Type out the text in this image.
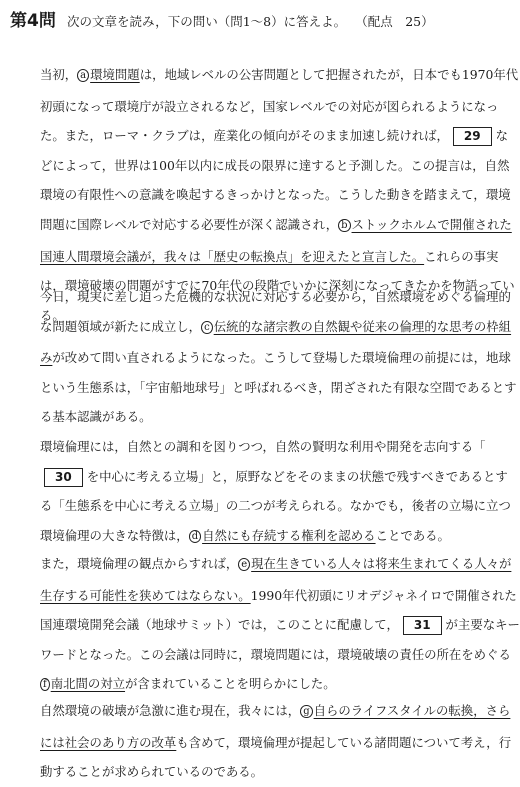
第4問 次の文章を読み，下の問い（問1〜8）に答えよ。 （配点　25）
当初， a 環境問題は，地域レベルの公害問題として把握されたが，日本でも1970年代初頭になって環境庁が設立されるなど，国家レベルでの対応が図られるようになった。また，ローマ・クラブは，産業化の傾向がそのまま加速し続ければ， 29 などによって，世界は100年以内に成長の限界に達すると予測した。この提言は，自然環境の有限性への意識を喚起するきっかけとなった。こうした動きを踏まえて，環境問題に国際レベルで対応する必要性が深く認識され， b ストックホルムで開催された国連人間環境会議が，我々は「歴史の転換点」を迎えたと宣言した。これらの事実は，環境破壊の問題がすでに70年代の段階でいかに深刻になってきたかを物語っている。
今日，現実に差し迫った危機的な状況に対応する必要から，自然環境をめぐる倫理的な問題領域が新たに成立し， c 伝統的な諸宗教の自然観や従来の倫理的な思考の枠組みが改めて問い直されるようになった。こうして登場した環境倫理の前提には，地球という生態系は，「宇宙船地球号」と呼ばれるべき，閉ざされた有限な空間であるとする基本認識がある。
環境倫理には，自然との調和を図りつつ，自然の賢明な利用や開発を志向する「30 を中心に考える立場」と，原野などをそのままの状態で残すべきであるとする「生態系を中心に考える立場」の二つが考えられる。なかでも，後者の立場に立つ環境倫理の大きな特徴は， d 自然にも存続する権利を認めることである。
また，環境倫理の観点からすれば， e 現在生きている人々は将来生まれてくる人々が生存する可能性を狭めてはならない。1990年代初頭にリオデジャネイロで開催された国連環境開発会議（地球サミット）では，このことに配慮して， 31 が主要なキーワードとなった。この会議は同時に，環境問題には，環境破壊の責任の所在をめぐるf 南北間の対立が含まれていることを明らかにした。
自然環境の破壊が急激に進む現在，我々には， g 自らのライフスタイルの転換，さらには社会のあり方の改革も含めて，環境倫理が提起している諸問題について考え，行動することが求められているのである。
